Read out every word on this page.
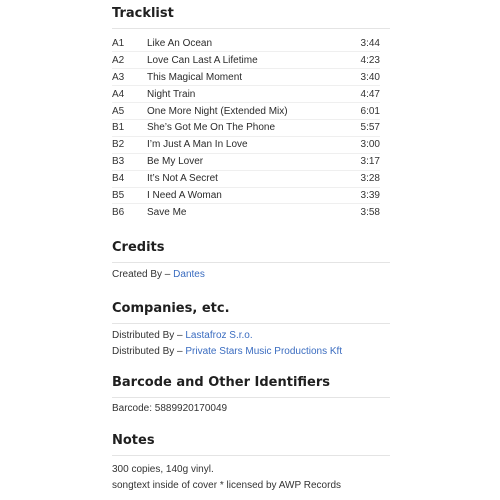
Tracklist
A1	Like An Ocean	3:44
A2	Love Can Last A Lifetime	4:23
A3	This Magical Moment	3:40
A4	Night Train	4:47
A5	One More Night (Extended Mix)	6:01
B1	She’s Got Me On The Phone	5:57
B2	I’m Just A Man In Love	3:00
B3	Be My Lover	3:17
B4	It’s Not A Secret	3:28
B5	I Need A Woman	3:39
B6	Save Me	3:58
Credits
Created By – Dantes
Companies, etc.
Distributed By – Lastafroz S.r.o.
Distributed By – Private Stars Music Productions Kft
Barcode and Other Identifiers
Barcode: 5889920170049
Notes
300 copies, 140g vinyl.
songtext inside of cover * licensed by AWP Records
